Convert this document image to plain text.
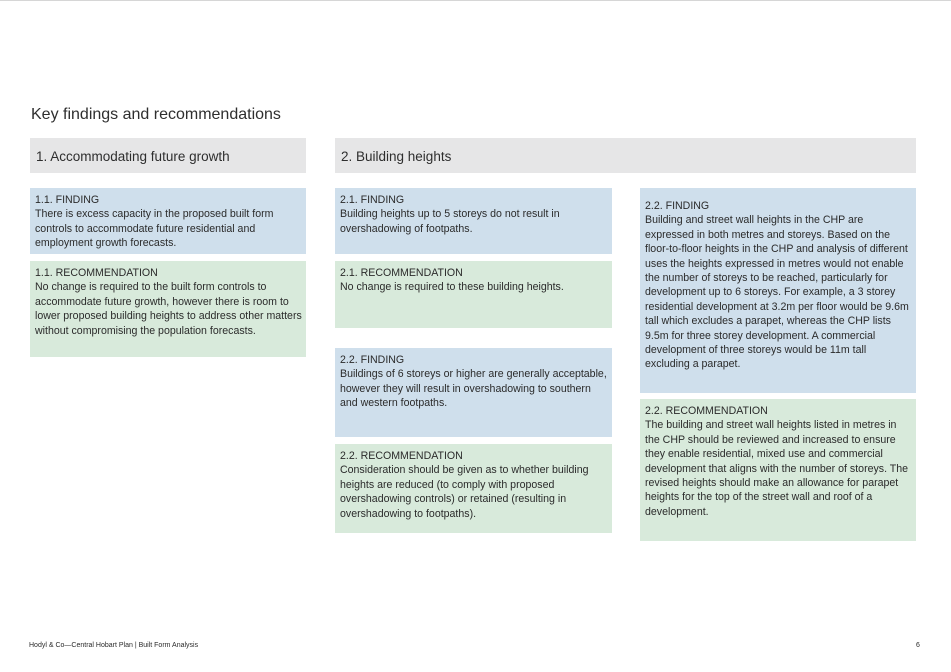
Key findings and recommendations
1. Accommodating future growth	2. Building heights
1.1. FINDING
There is excess capacity in the proposed built form controls to accommodate future residential and employment growth forecasts.
1.1. RECOMMENDATION
No change is required to the built form controls to accommodate future growth, however there is room to lower proposed building heights to address other matters without compromising the population forecasts.
2.1. FINDING
Building heights up to 5 storeys do not result in overshadowing of footpaths.
2.1. RECOMMENDATION
No change is required to these building heights.
2.2. FINDING
Buildings of 6 storeys or higher are generally acceptable, however they will result in overshadowing to southern and western footpaths.
2.2. RECOMMENDATION
Consideration should be given as to whether building heights are reduced (to comply with proposed overshadowing controls) or retained (resulting in overshadowing to footpaths).
2.2. FINDING
Building and street wall heights in the CHP are expressed in both metres and storeys. Based on the floor-to-floor heights in the CHP and analysis of different uses the heights expressed in metres would not enable the number of storeys to be reached, particularly for development up to 6 storeys. For example, a 3 storey residential development at 3.2m per floor would be 9.6m tall which excludes a parapet, whereas the CHP lists 9.5m for three storey development. A commercial development of three storeys would be 11m tall excluding a parapet.
2.2. RECOMMENDATION
The building and street wall heights listed in metres in the CHP should be reviewed and increased to ensure they enable residential, mixed use and commercial development that aligns with the number of storeys. The revised heights should make an allowance for parapet heights for the top of the street wall and roof of a development.
Hodyl & Co—Central Hobart Plan | Built Form Analysis	6
